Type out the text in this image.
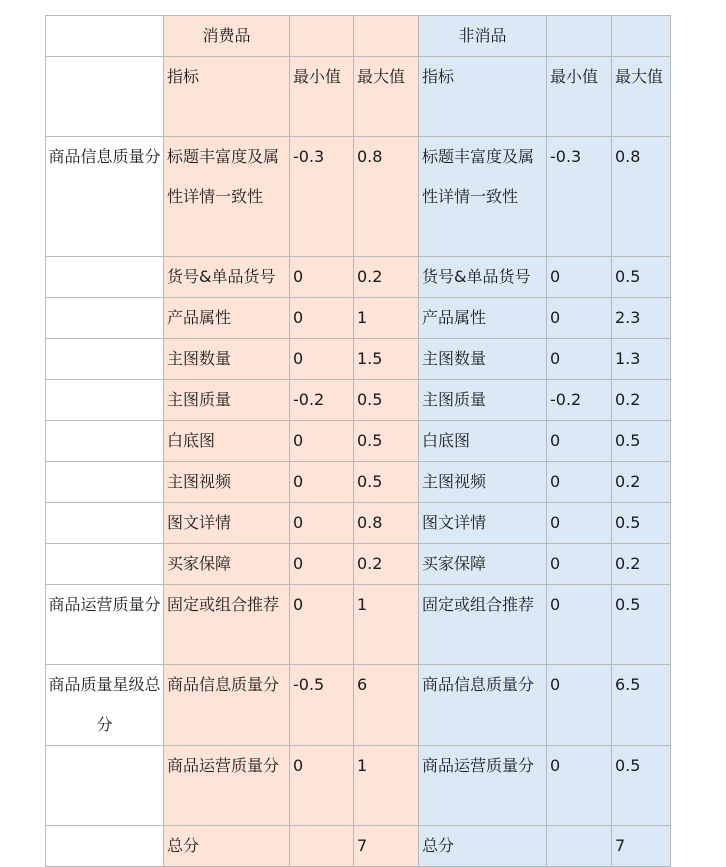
	消费品			非消品		
	指标	最小值	最大值	指标	最小值	最大值
商品信息质量分	标题丰富度及属性详情一致性	-0.3	0.8	标题丰富度及属性详情一致性	-0.3	0.8
	货号&单品货号	0	0.2	货号&单品货号	0	0.5
	产品属性	0	1	产品属性	0	2.3
	主图数量	0	1.5	主图数量	0	1.3
	主图质量	-0.2	0.5	主图质量	-0.2	0.2
	白底图	0	0.5	白底图	0	0.5
	主图视频	0	0.5	主图视频	0	0.2
	图文详情	0	0.8	图文详情	0	0.5
	买家保障	0	0.2	买家保障	0	0.2
商品运营质量分	固定或组合推荐	0	1	固定或组合推荐	0	0.5
商品质量星级总分	商品信息质量分	-0.5	6	商品信息质量分	0	6.5
	商品运营质量分	0	1	商品运营质量分	0	0.5
	总分		7	总分		7
